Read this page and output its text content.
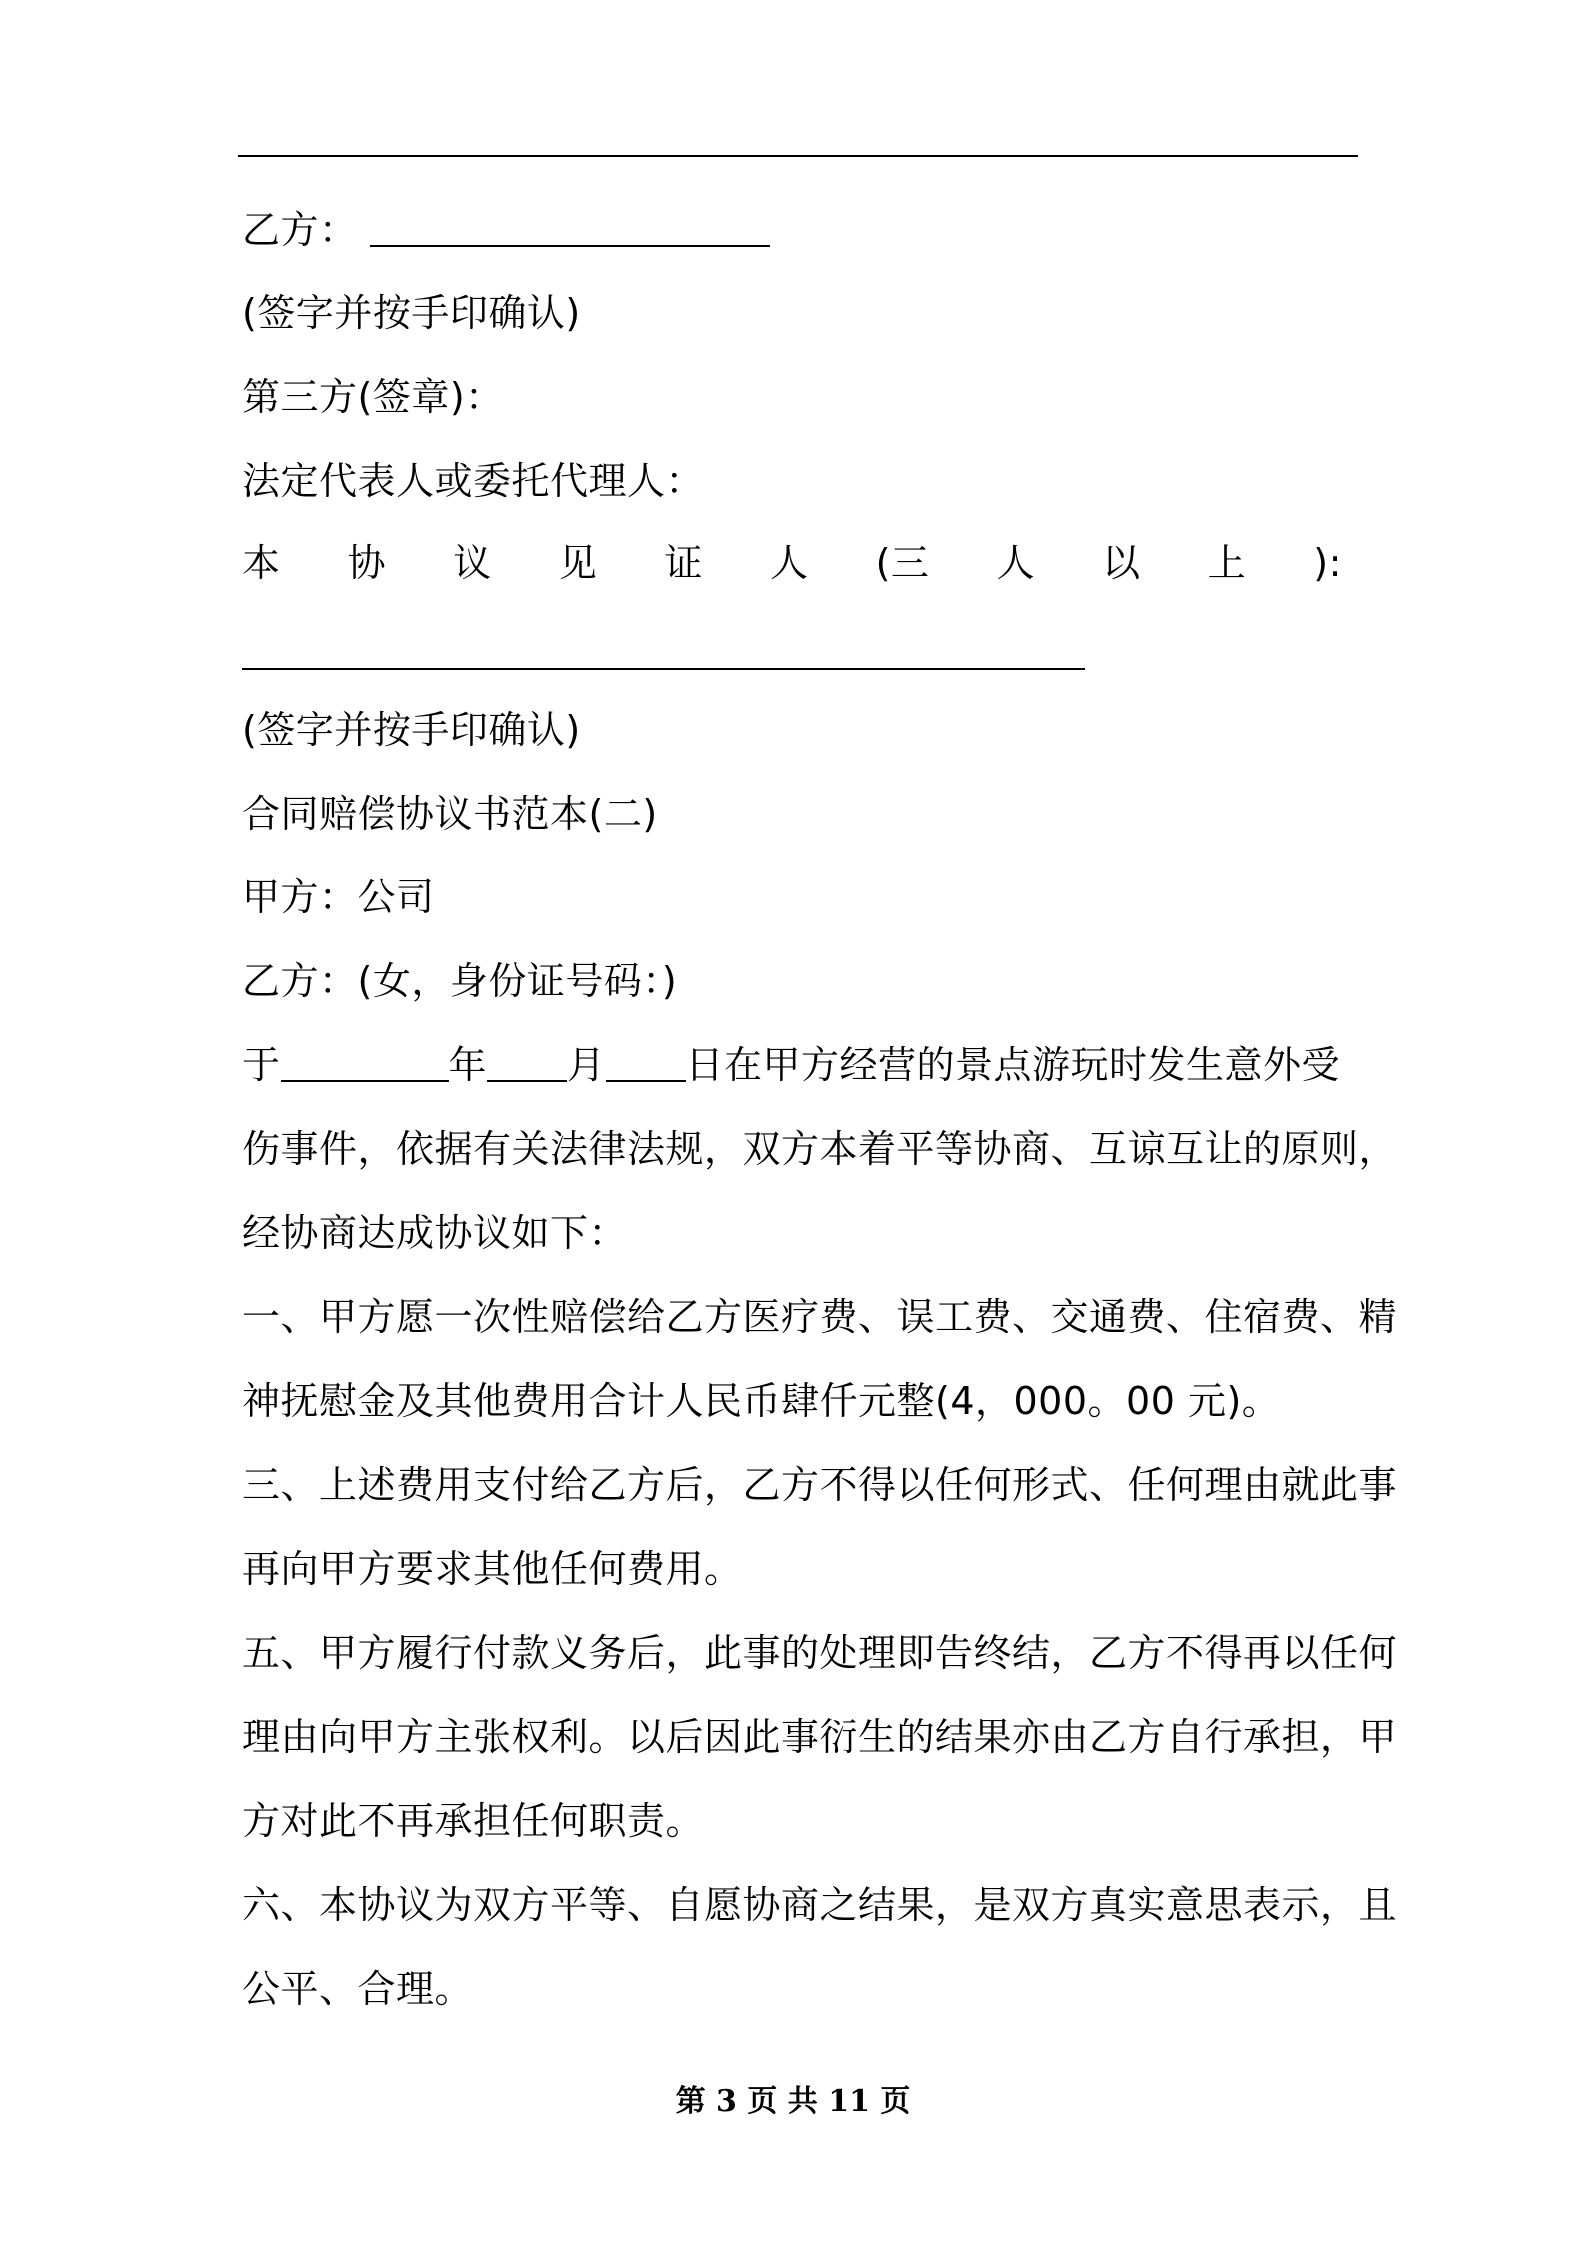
乙方：
(签字并按手印确认)
第三方(签章)：
法定代表人或委托代理人：
本 协 议 见 证 人 (三 人 以 上 ):
(签字并按手印确认)
合同赔偿协议书范本(二)
甲方：公司
乙方：(女，身份证号码：)
于	年 月 日在甲方经营的景点游玩时发生意外受
伤事件，依据有关法律法规，双方本着平等协商、互谅互让的原则，
经协商达成协议如下：
一、甲方愿一次性赔偿给乙方医疗费、误工费、交通费、住宿费、精
神抚慰金及其他费用合计人民币肆仟元整(4，000。00 元)。
三、上述费用支付给乙方后，乙方不得以任何形式、任何理由就此事
再向甲方要求其他任何费用。
五、甲方履行付款义务后，此事的处理即告终结，乙方不得再以任何
理由向甲方主张权利。以后因此事衍生的结果亦由乙方自行承担，甲
方对此不再承担任何职责。
六、本协议为双方平等、自愿协商之结果，是双方真实意思表示，且
公平、合理。
第 3 页 共 11 页
